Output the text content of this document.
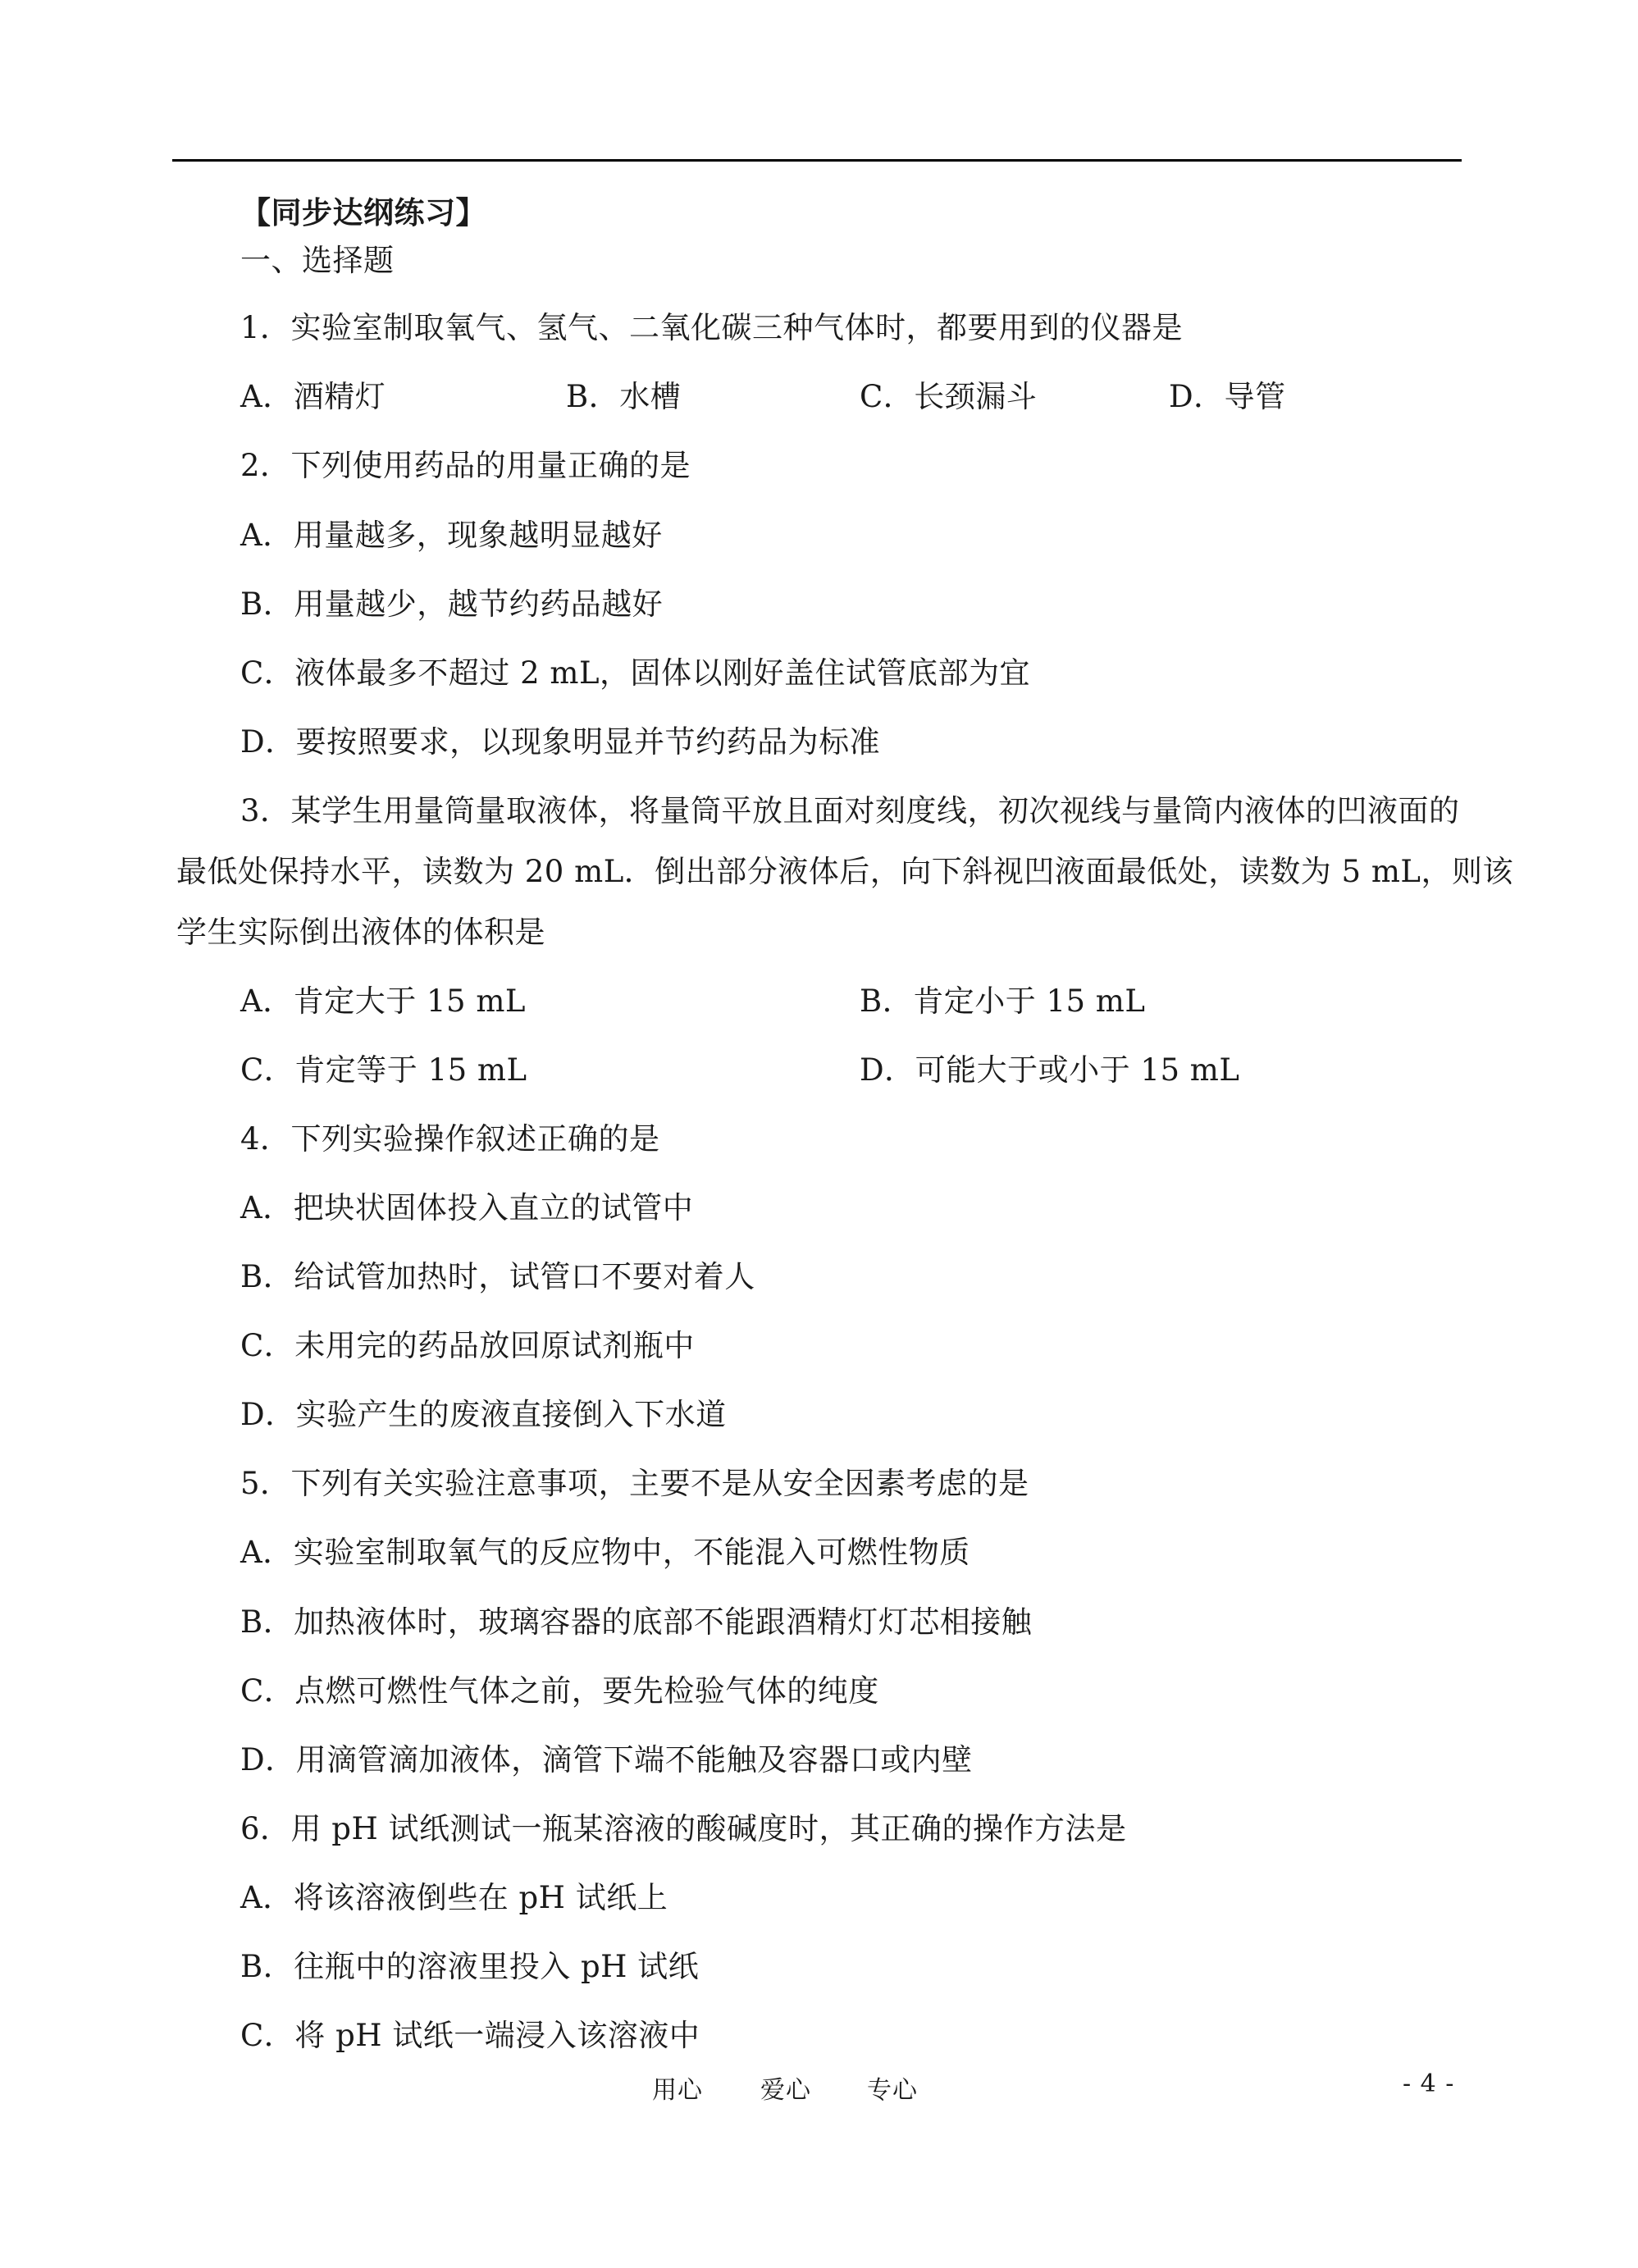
【同步达纲练习】
一、选择题
1．实验室制取氧气、氢气、二氧化碳三种气体时，都要用到的仪器是
A．酒精灯	B．水槽	C．长颈漏斗	D．导管
2．下列使用药品的用量正确的是
A．用量越多，现象越明显越好
B．用量越少，越节约药品越好
C．液体最多不超过 2 mL，固体以刚好盖住试管底部为宜
D．要按照要求，以现象明显并节约药品为标准
3．某学生用量筒量取液体，将量筒平放且面对刻度线，初次视线与量筒内液体的凹液面的
最低处保持水平，读数为 20 mL．倒出部分液体后，向下斜视凹液面最低处，读数为 5 mL，则该
学生实际倒出液体的体积是
A．肯定大于 15 mL	B．肯定小于 15 mL
C．肯定等于 15 mL	D．可能大于或小于 15 mL
4．下列实验操作叙述正确的是
A．把块状固体投入直立的试管中
B．给试管加热时，试管口不要对着人
C．未用完的药品放回原试剂瓶中
D．实验产生的废液直接倒入下水道
5．下列有关实验注意事项，主要不是从安全因素考虑的是
A．实验室制取氧气的反应物中，不能混入可燃性物质
B．加热液体时，玻璃容器的底部不能跟酒精灯灯芯相接触
C．点燃可燃性气体之前，要先检验气体的纯度
D．用滴管滴加液体，滴管下端不能触及容器口或内壁
6．用 pH 试纸测试一瓶某溶液的酸碱度时，其正确的操作方法是
A．将该溶液倒些在 pH 试纸上
B．往瓶中的溶液里投入 pH 试纸
C．将 pH 试纸一端浸入该溶液中
用心 爱心 专心	- 4 -
